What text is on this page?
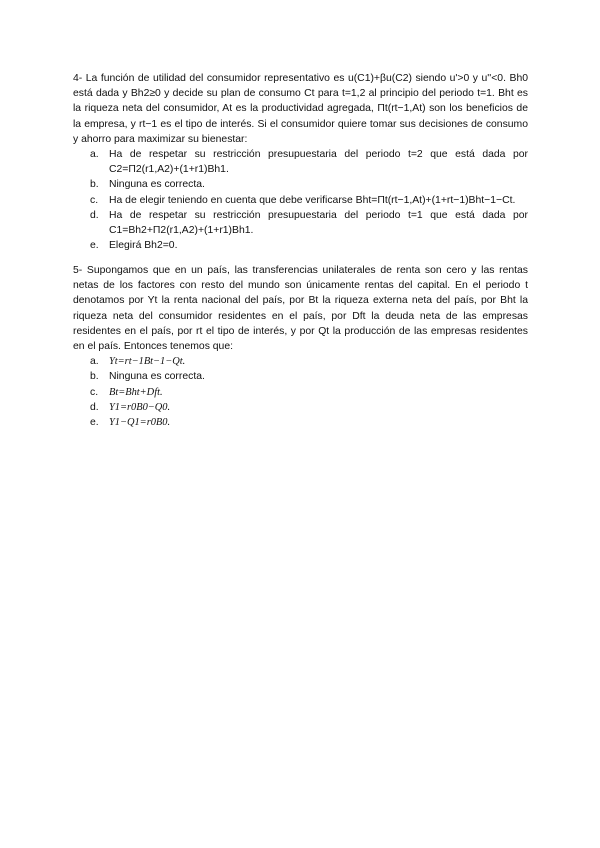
4- La función de utilidad del consumidor representativo es u(C1)+βu(C2) siendo u'>0 y u''<0. Bh0 está dada y Bh2≥0 y decide su plan de consumo Ct para t=1,2 al principio del periodo t=1. Bht es la riqueza neta del consumidor, At es la productividad agregada, Πt(rt−1,At) son los beneficios de la empresa, y rt−1 es el tipo de interés. Si el consumidor quiere tomar sus decisiones de consumo y ahorro para maximizar su bienestar:

a. Ha de respetar su restricción presupuestaria del periodo t=2 que está dada por C2=Π2(r1,A2)+(1+r1)Bh1.
b. Ninguna es correcta.
c.	Ha de elegir teniendo en cuenta que debe verificarse Bht=Πt(rt−1,At)+(1+rt−1)Bht−1−Ct.
d. Ha de respetar su restricción presupuestaria del periodo t=1 que está dada por C1=Bh2+Π2(r1,A2)+(1+r1)Bh1.
e. Elegirá Bh2=0.

5- Supongamos que en un país, las transferencias unilaterales de renta son cero y las rentas netas de los factores con resto del mundo son únicamente rentas del capital. En el periodo t denotamos por Yt la renta nacional del país, por Bt la riqueza externa neta del país, por Bht la riqueza neta del consumidor residentes en el país, por Dft la deuda neta de las empresas residentes en el país, por rt el tipo de interés, y por Qt la producción de las empresas residentes en el país. Entonces tenemos que:

a. Yt=rt−1Bt−1−Qt.
b. Ninguna es correcta.
c.	Bt=Bht+Dft.
d. Y1=r0B0−Q0.
e. Y1−Q1=r0B0.
